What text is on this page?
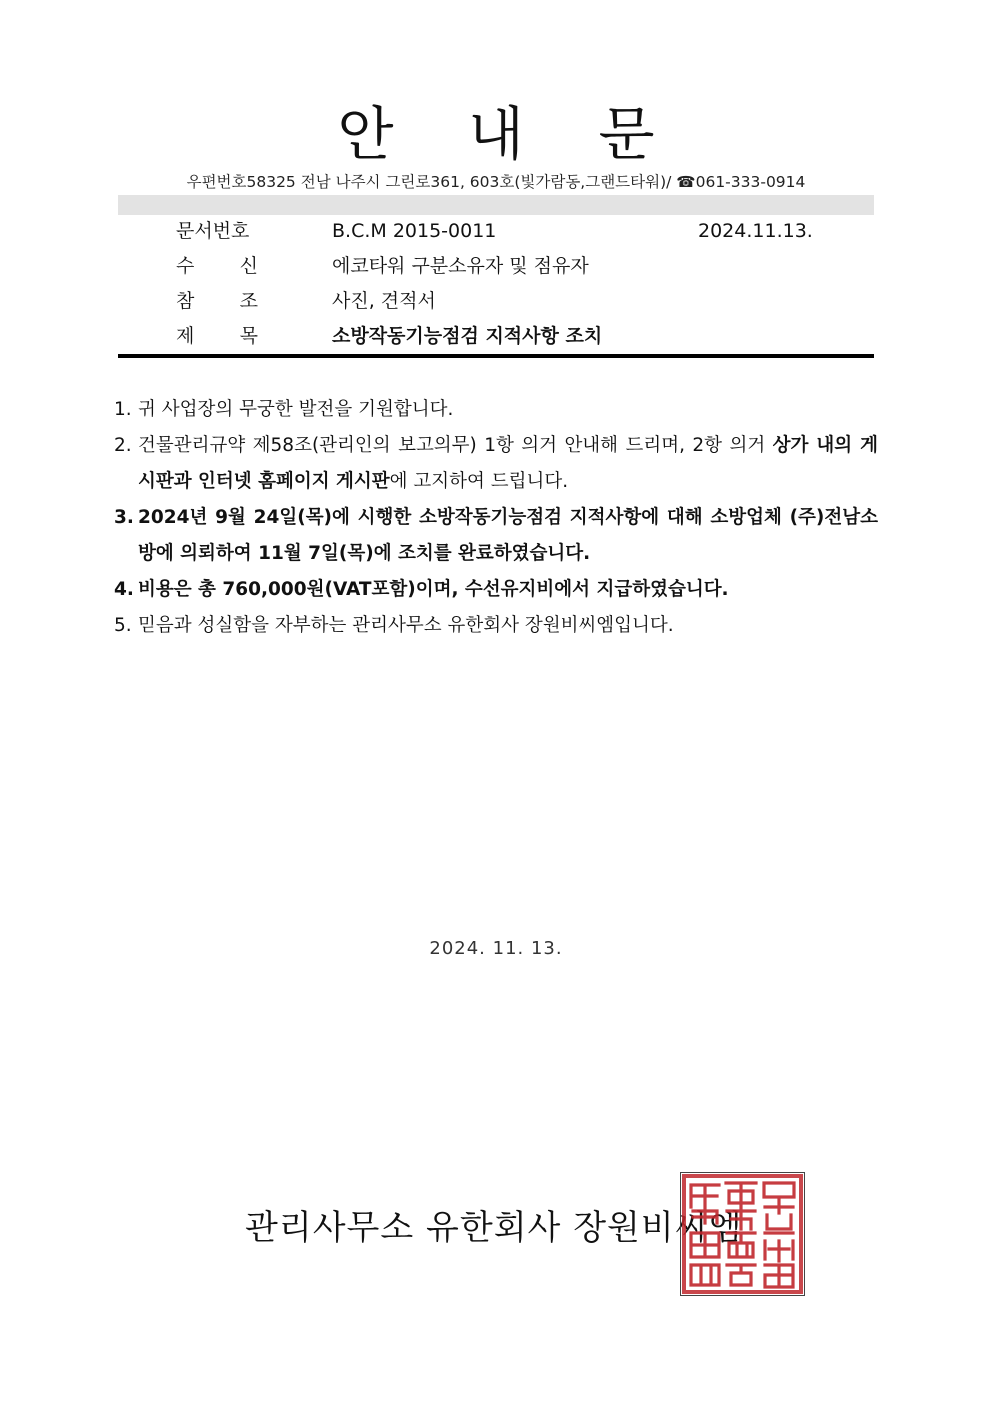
안 내 문
우편번호58325 전남 나주시 그린로361, 603호(빛가람동,그랜드타워)/ ☎061-333-0914
문서번호	B.C.M 2015-0011	2024.11.13.
수 신	에코타워 구분소유자 및 점유자
참 조	사진, 견적서
제 목	소방작동기능점검 지적사항 조치
1. 귀 사업장의 무궁한 발전을 기원합니다.
2. 건물관리규약 제58조(관리인의 보고의무) 1항 의거 안내해 드리며, 2항 의거 상가 내의 게시판과 인터넷 홈페이지 게시판에 고지하여 드립니다.
3. 2024년 9월 24일(목)에 시행한 소방작동기능점검 지적사항에 대해 소방업체 (주)전남소방에 의뢰하여 11월 7일(목)에 조치를 완료하였습니다.
4. 비용은 총 760,000원(VAT포함)이며, 수선유지비에서 지급하였습니다.
5. 믿음과 성실함을 자부하는 관리사무소 유한회사 장원비씨엠입니다.
2024. 11. 13.
관리사무소 유한회사 장원비씨엠
